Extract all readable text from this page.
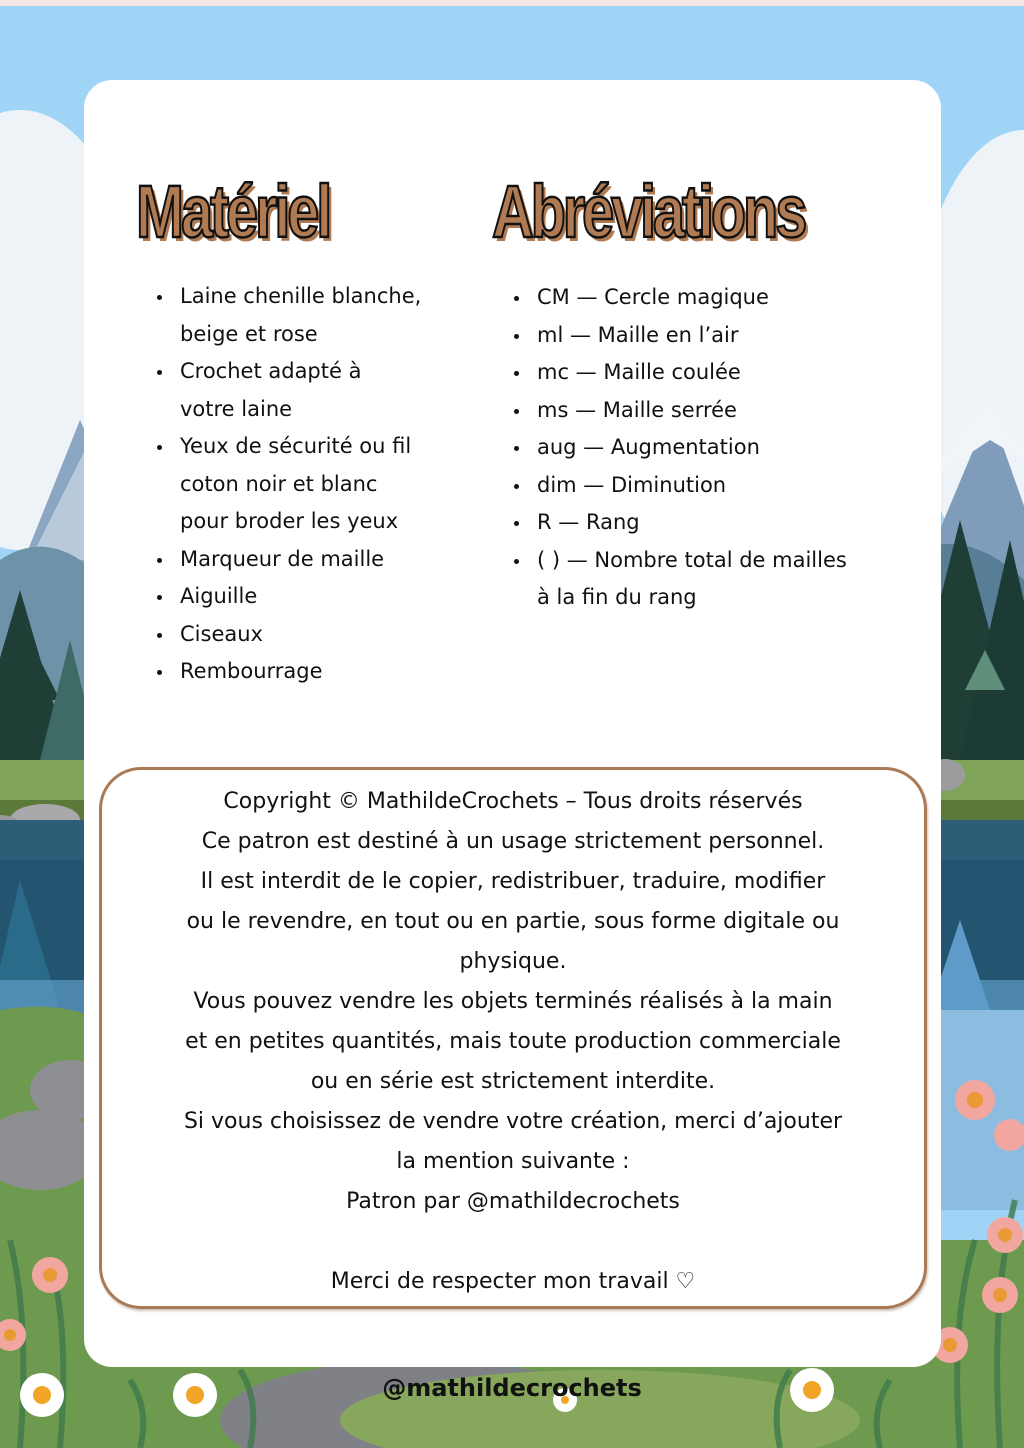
Matériel Abréviations
Laine chenille blanche,
beige et rose
Crochet adapté à
votre laine
Yeux de sécurité ou fil
coton noir et blanc
pour broder les yeux
Marqueur de maille
Aiguille
Ciseaux
Rembourrage
CM — Cercle magique
ml — Maille en l’air
mc — Maille coulée
ms — Maille serrée
aug — Augmentation
dim — Diminution
R — Rang
( ) — Nombre total de mailles
à la fin du rang

Copyright © MathildeCrochets – Tous droits réservés

Ce patron est destiné à un usage strictement personnel.

Il est interdit de le copier, redistribuer, traduire, modifier

ou le revendre, en tout ou en partie, sous forme digitale ou

physique.

Vous pouvez vendre les objets terminés réalisés à la main

et en petites quantités, mais toute production commerciale

ou en série est strictement interdite.

Si vous choisissez de vendre votre création, merci d’ajouter

la mention suivante :

Patron par @mathildecrochets

Merci de respecter mon travail ♡

@mathildecrochets
